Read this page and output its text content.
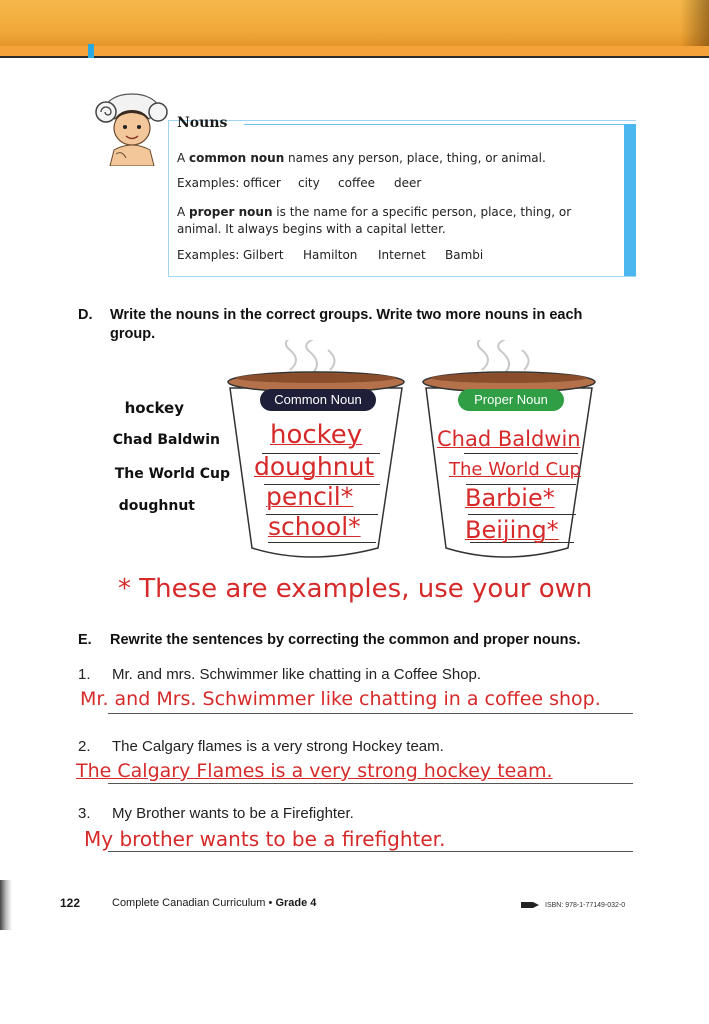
Nouns
A common noun names any person, place, thing, or animal.
Examples: officer city coffee deer
A proper noun is the name for a specific person, place, thing, or
animal. It always begins with a capital letter.
Examples: Gilbert Hamilton Internet Bambi
D. Write the nouns in the correct groups. Write two more nouns in each
group.
hockey
Chad Baldwin
The World Cup
doughnut
Common Noun	Proper Noun
hockey
doughnut
pencil*
school*
Chad Baldwin
The World Cup
Barbie*
Beijing*
* These are examples, use your own
E. Rewrite the sentences by correcting the common and proper nouns.
1. Mr. and mrs. Schwimmer like chatting in a Coffee Shop.
Mr. and Mrs. Schwimmer like chatting in a coffee shop.
2. The Calgary flames is a very strong Hockey team.
The Calgary Flames is a very strong hockey team.
3. My Brother wants to be a Firefighter.
My brother wants to be a firefighter.
122	Complete Canadian Curriculum • Grade 4	ISBN: 978-1-77149-032-0
